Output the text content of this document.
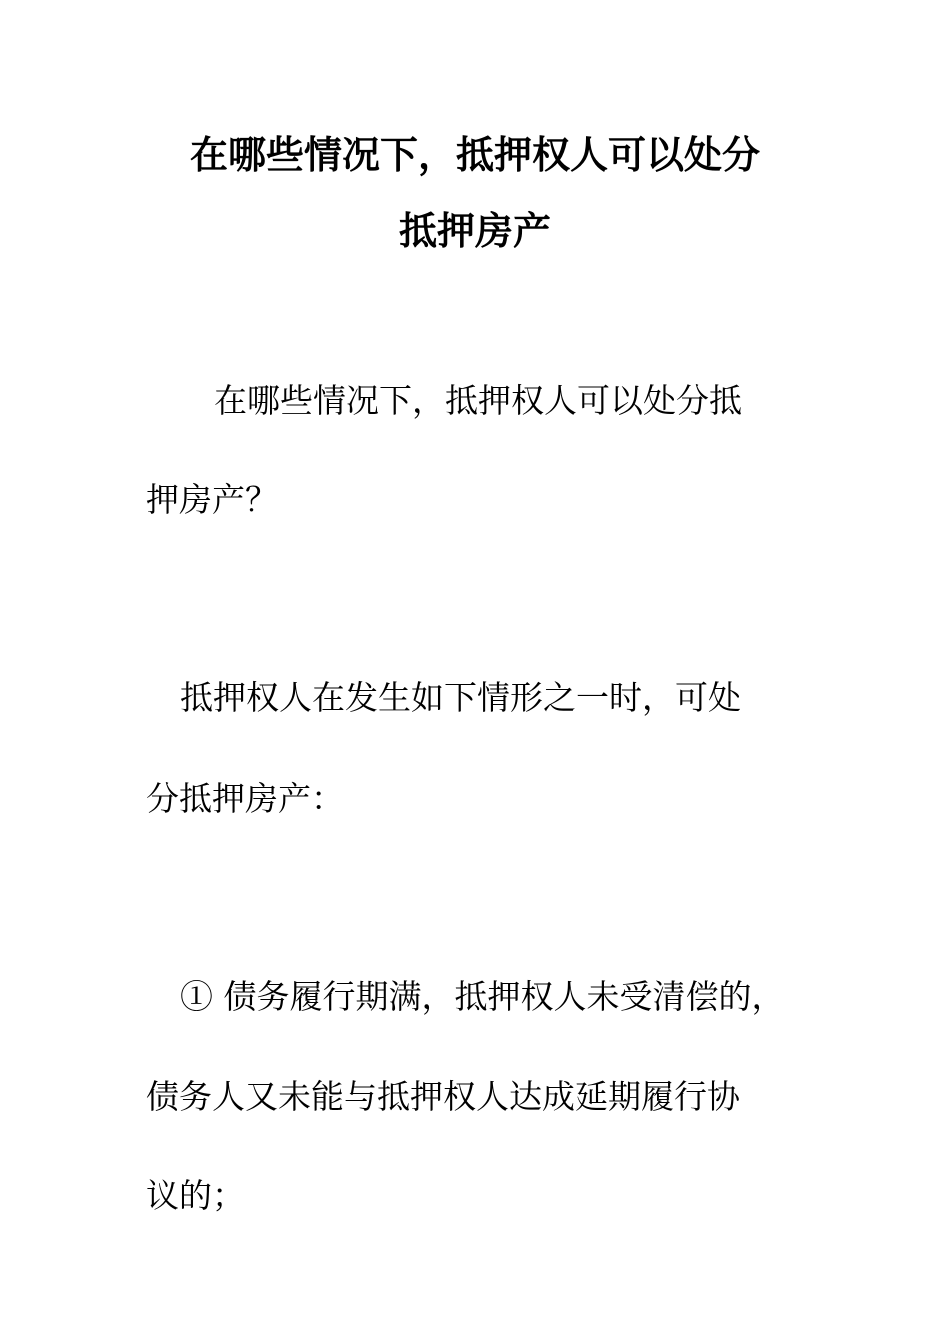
在哪些情况下，抵押权人可以处分
抵押房产
在哪些情况下，抵押权人可以处分抵
押房产？
抵押权人在发生如下情形之一时，可处
分抵押房产：
① 债务履行期满，抵押权人未受清偿的，
债务人又未能与抵押权人达成延期履行协
议的；
